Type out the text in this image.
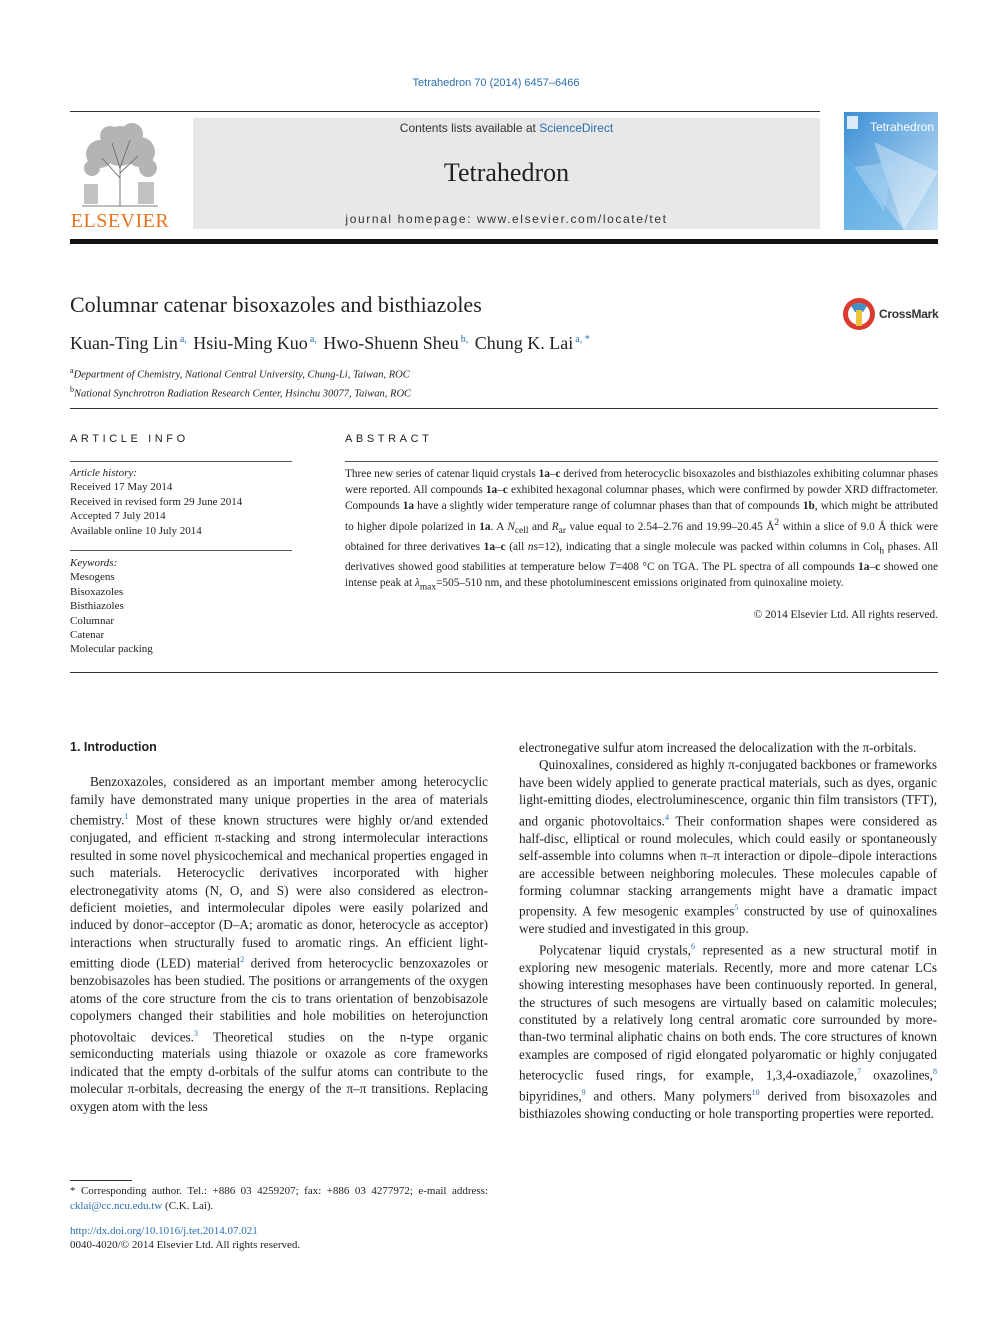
Tetrahedron 70 (2014) 6457–6466
ELSEVIER
Contents lists available at ScienceDirect
Tetrahedron
journal homepage: www.elsevier.com/locate/tet
Tetrahedron
Columnar catenar bisoxazoles and bisthiazoles	CrossMark
Kuan-Ting Lin $^{a,}$ Hsiu-Ming Kuo $^{a,}$ Hwo-Shuenn Sheu $^{b,}$ Chung K. Lai $^{a, *}$
$^a$Department of Chemistry, National Central University, Chung-Li, Taiwan, ROC
$^b$National Synchrotron Radiation Research Center, Hsinchu 30077, Taiwan, ROC
ARTICLE INFO
Article history:
Received 17 May 2014
Received in revised form 29 June 2014
Accepted 7 July 2014
Available online 10 July 2014
Keywords:
Mesogens
Bisoxazoles
Bisthiazoles
Columnar
Catenar
Molecular packing
ABSTRACT
Three new series of catenar liquid crystals 1a–c derived from heterocyclic bisoxazoles and bisthiazoles exhibiting columnar phases were reported. All compounds 1a–c exhibited hexagonal columnar phases, which were confirmed by powder XRD diffractometer. Compounds 1a have a slightly wider temperature range of columnar phases than that of compounds 1b, which might be attributed to higher dipole polarized in 1a. A $N_{cell}$ and $R_{ar}$ value equal to 2.54–2.76 and 19.99–20.45 $Å^2$ within a slice of 9.0 Å thick were obtained for three derivatives 1a–c (all ns=12), indicating that a single molecule was packed within columns in Col$_h$ phases. All derivatives showed good stabilities at temperature below T=408 °C on TGA. The PL spectra of all compounds 1a–c showed one intense peak at $\lambda_{max}=505-510$ nm, and these photoluminescent emissions originated from quinoxaline moiety.
© 2014 Elsevier Ltd. All rights reserved.

1. Introduction

Benzoxazoles, considered as an important member among heterocyclic family have demonstrated many unique properties in the area of materials chemistry.$^1$ Most of these known structures were highly or/and extended conjugated, and efficient π-stacking and strong intermolecular interactions resulted in some novel physicochemical and mechanical properties engaged in such materials. Heterocyclic derivatives incorporated with higher electronegativity atoms (N, O, and S) were also considered as electron-deficient moieties, and intermolecular dipoles were easily polarized and induced by donor–acceptor (D–A; aromatic as donor, heterocycle as acceptor) interactions when structurally fused to aromatic rings. An efficient light-emitting diode (LED) material$^2$ derived from heterocyclic benzoxazoles or benzobisazoles has been studied. The positions or arrangements of the oxygen atoms of the core structure from the cis to trans orientation of benzobisazole copolymers changed their stabilities and hole mobilities on heterojunction photovoltaic devices.$^3$ Theoretical studies on the n-type organic semiconducting materials using thiazole or oxazole as core frameworks indicated that the empty d-orbitals of the sulfur atoms can contribute to the molecular π-orbitals, decreasing the energy of the π–π transitions. Replacing oxygen atom with the less

electronegative sulfur atom increased the delocalization with the π-orbitals.

Quinoxalines, considered as highly π-conjugated backbones or frameworks have been widely applied to generate practical materials, such as dyes, organic light-emitting diodes, electroluminescence, organic thin film transistors (TFT), and organic photovoltaics.$^4$ Their conformation shapes were considered as half-disc, elliptical or round molecules, which could easily or spontaneously self-assemble into columns when π–π interaction or dipole–dipole interactions are accessible between neighboring molecules. These molecules capable of forming columnar stacking arrangements might have a dramatic impact propensity. A few mesogenic examples$^5$ constructed by use of quinoxalines were studied and investigated in this group.

Polycatenar liquid crystals,$^6$ represented as a new structural motif in exploring new mesogenic materials. Recently, more and more catenar LCs showing interesting mesophases have been continuously reported. In general, the structures of such mesogens are virtually based on calamitic molecules; constituted by a relatively long central aromatic core surrounded by more-than-two terminal aliphatic chains on both ends. The core structures of known examples are composed of rigid elongated polyaromatic or highly conjugated heterocyclic fused rings, for example, 1,3,4-oxadiazole,$^7$ oxazolines,$^8$ bipyridines,$^9$ and others. Many polymers$^{10}$ derived from bisoxazoles and bisthiazoles showing conducting or hole transporting properties were reported.

* Corresponding author. Tel.: +886 03 4259207; fax: +886 03 4277972; e-mail address: cklai@cc.ncu.edu.tw (C.K. Lai).
http://dx.doi.org/10.1016/j.tet.2014.07.021
0040-4020/© 2014 Elsevier Ltd. All rights reserved.
